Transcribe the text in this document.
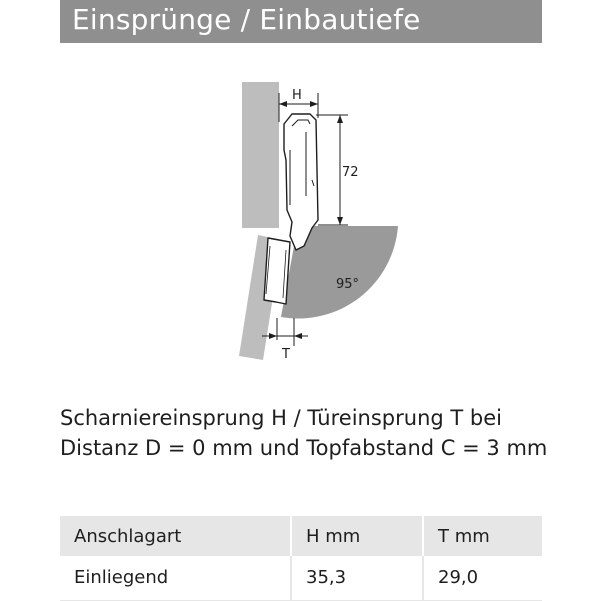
Einsprünge / Einbautiefe
H
72
95°
T
Scharniereinsprung H / Türeinsprung T bei
Distanz D = 0 mm und Topfabstand C = 3 mm
Anschlagart	H mm	T mm
Einliegend	35,3	29,0
